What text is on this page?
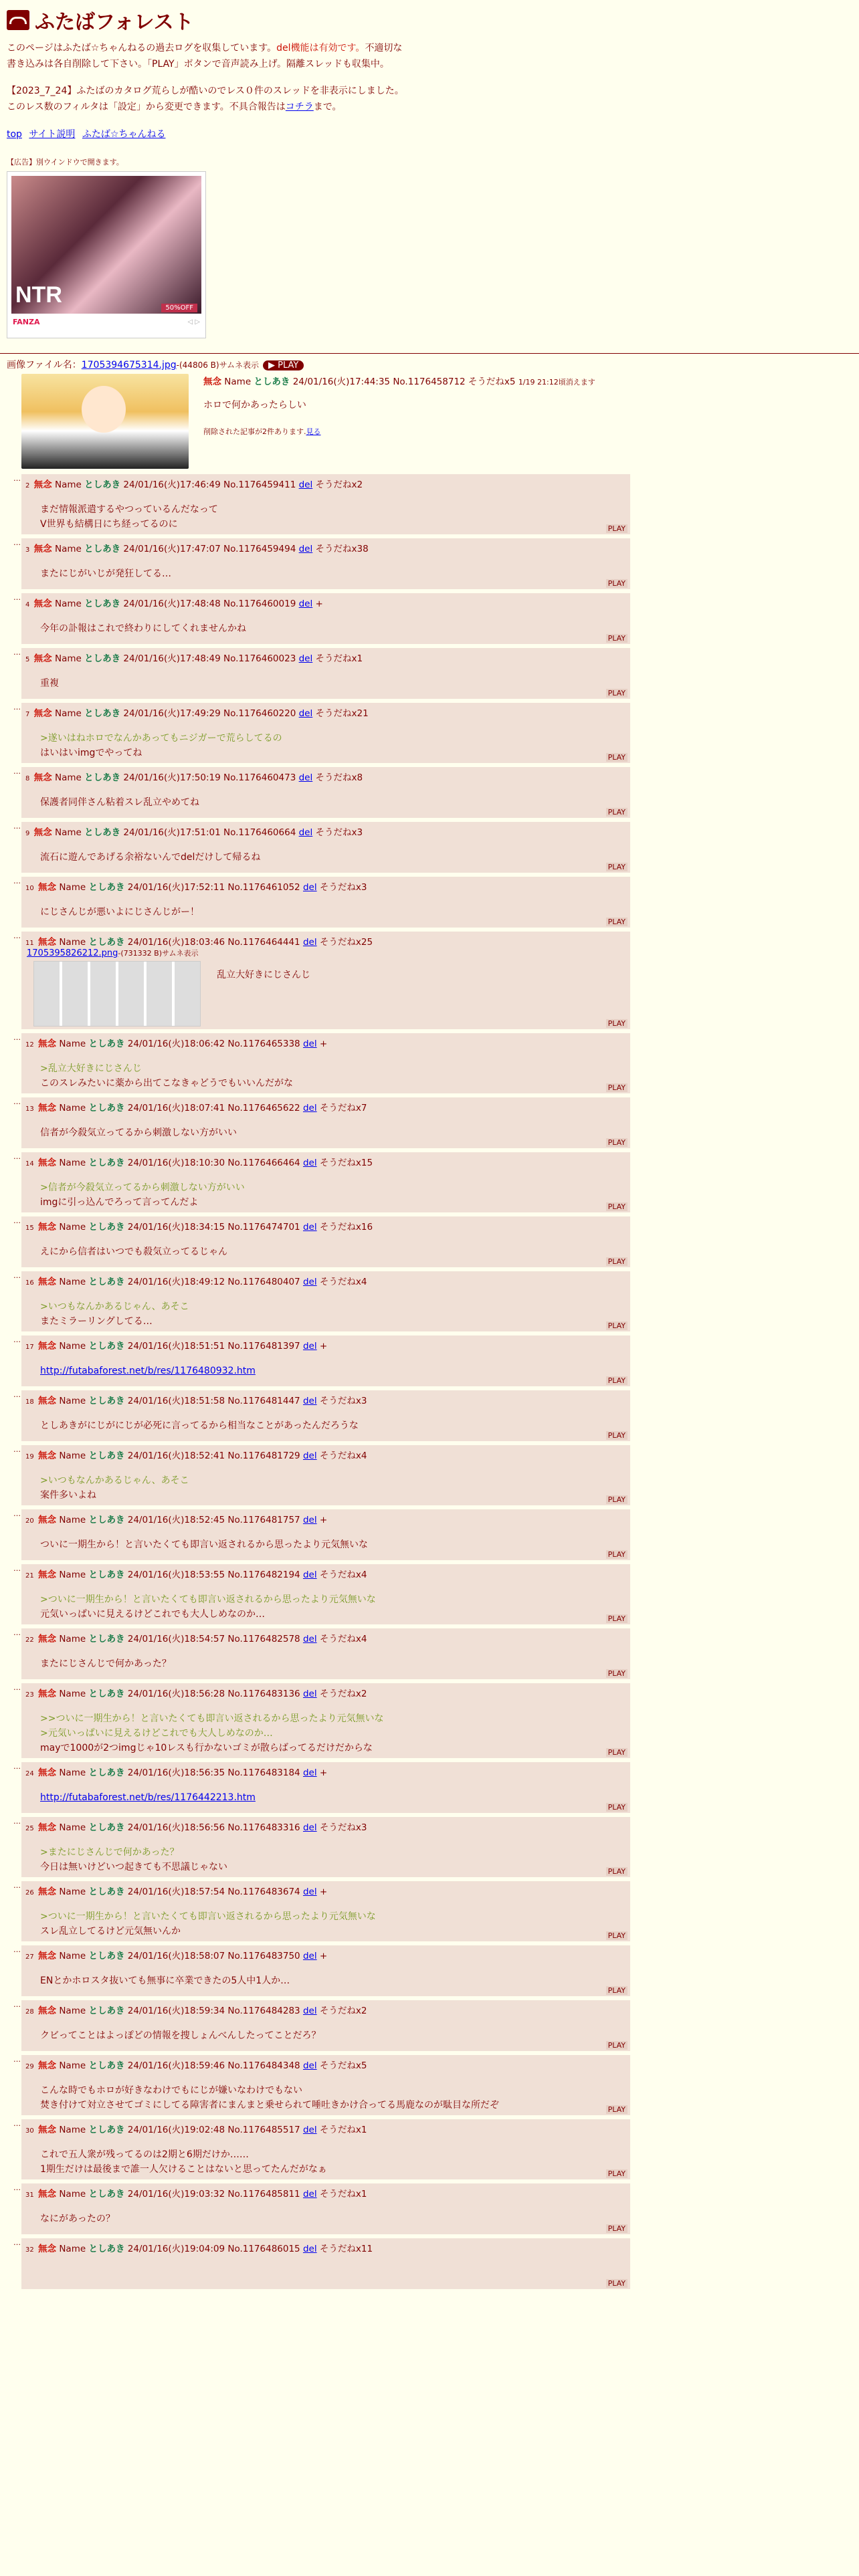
ふたばフォレスト
このページはふたば☆ちゃんねるの過去ログを収集しています。del機能は有効です。不適切な書き込みは各自削除して下さい。「PLAY」ボタンで音声読み上げ。隔離スレッドも収集中。
【2023_7_24】ふたばのカタログ荒らしが酷いのでレス０件のスレッドを非表示にしました。このレス数のフィルタは「設定」から変更できます。不具合報告はコチラまで。
top サイト説明 ふたば☆ちゃんねる
【広告】別ウインドウで開きます。
NTR
50%OFF
FANZA	◁ ▷
画像ファイル名：1705394675314.jpg-(44806 B)サムネ表示 ▶ PLAY
無念 Name としあき 24/01/16(火)17:44:35 No.1176458712 そうだねx5 1/19 21:12頃消えます
ホロで何かあったらしい
削除された記事が2件あります.見る
…
2 無念 Name としあき 24/01/16(火)17:46:49 No.1176459411 del そうだねx2
まだ情報派遣するやつっているんだなって
V世界も結構日にち経ってるのに	PLAY
…
3 無念 Name としあき 24/01/16(火)17:47:07 No.1176459494 del そうだねx38
またにじがいじが発狂してる…
PLAY
…
4 無念 Name としあき 24/01/16(火)17:48:48 No.1176460019 del +
今年の訃報はこれで終わりにしてくれませんかね
PLAY
…
5 無念 Name としあき 24/01/16(火)17:48:49 No.1176460023 del そうだねx1
重複
PLAY
…
7 無念 Name としあき 24/01/16(火)17:49:29 No.1176460220 del そうだねx21
>遂いはねホロでなんかあってもニジガーで荒らしてるの
はいはいimgでやってね	PLAY
…
8 無念 Name としあき 24/01/16(火)17:50:19 No.1176460473 del そうだねx8
保護者同伴さん粘着スレ乱立やめてね
PLAY
…
9 無念 Name としあき 24/01/16(火)17:51:01 No.1176460664 del そうだねx3
流石に遊んであげる余裕ないんでdelだけして帰るね
PLAY
…
10 無念 Name としあき 24/01/16(火)17:52:11 No.1176461052 del そうだねx3
にじさんじが悪いよにじさんじがー！
PLAY
…
11 無念 Name としあき 24/01/16(火)18:03:46 No.1176464441 del そうだねx25
1705395826212.png-(731332 B)サムネ表示
乱立大好きにじさんじ
PLAY
…
12 無念 Name としあき 24/01/16(火)18:06:42 No.1176465338 del +
>乱立大好きにじさんじ
このスレみたいに薬から出てこなきゃどうでもいいんだがな	PLAY
…
13 無念 Name としあき 24/01/16(火)18:07:41 No.1176465622 del そうだねx7
信者が今殺気立ってるから刺激しない方がいい
PLAY
…
14 無念 Name としあき 24/01/16(火)18:10:30 No.1176466464 del そうだねx15
>信者が今殺気立ってるから刺激しない方がいい
imgに引っ込んでろって言ってんだよ	PLAY
…
15 無念 Name としあき 24/01/16(火)18:34:15 No.1176474701 del そうだねx16
えにから信者はいつでも殺気立ってるじゃん
PLAY
…
16 無念 Name としあき 24/01/16(火)18:49:12 No.1176480407 del そうだねx4
>いつもなんかあるじゃん、あそこ
またミラーリングしてる…	PLAY
…
17 無念 Name としあき 24/01/16(火)18:51:51 No.1176481397 del +
http://futabaforest.net/b/res/1176480932.htm
PLAY
…
18 無念 Name としあき 24/01/16(火)18:51:58 No.1176481447 del そうだねx3
としあきがにじがにじが必死に言ってるから相当なことがあったんだろうな
PLAY
…
19 無念 Name としあき 24/01/16(火)18:52:41 No.1176481729 del そうだねx4
>いつもなんかあるじゃん、あそこ
案件多いよね	PLAY
…
20 無念 Name としあき 24/01/16(火)18:52:45 No.1176481757 del +
ついに一期生から！と言いたくても即言い返されるから思ったより元気無いな
PLAY
…
21 無念 Name としあき 24/01/16(火)18:53:55 No.1176482194 del そうだねx4
>ついに一期生から！と言いたくても即言い返されるから思ったより元気無いな
元気いっぱいに見えるけどこれでも大人しめなのか…	PLAY
…
22 無念 Name としあき 24/01/16(火)18:54:57 No.1176482578 del そうだねx4
またにじさんじで何かあった？
PLAY
…
23 無念 Name としあき 24/01/16(火)18:56:28 No.1176483136 del そうだねx2
>>ついに一期生から！と言いたくても即言い返されるから思ったより元気無いな
>元気いっぱいに見えるけどこれでも大人しめなのか…
mayで1000が2つimgじゃ10レスも行かないゴミが散らばってるだけだからな	PLAY
…
24 無念 Name としあき 24/01/16(火)18:56:35 No.1176483184 del +
http://futabaforest.net/b/res/1176442213.htm
PLAY
…
25 無念 Name としあき 24/01/16(火)18:56:56 No.1176483316 del そうだねx3
>またにじさんじで何かあった？
今日は無いけどいつ起きても不思議じゃない	PLAY
…
26 無念 Name としあき 24/01/16(火)18:57:54 No.1176483674 del +
>ついに一期生から！と言いたくても即言い返されるから思ったより元気無いな
スレ乱立してるけど元気無いんか	PLAY
…
27 無念 Name としあき 24/01/16(火)18:58:07 No.1176483750 del +
ENとかホロスタ抜いても無事に卒業できたの5人中1人か…
PLAY
…
28 無念 Name としあき 24/01/16(火)18:59:34 No.1176484283 del そうだねx2
クビってことはよっぽどの情報を捜しょんべんしたってことだろ？
PLAY
…
29 無念 Name としあき 24/01/16(火)18:59:46 No.1176484348 del そうだねx5
こんな時でもホロが好きなわけでもにじが嫌いなわけでもない
焚き付けて対立させてゴミにしてる障害者にまんまと乗せられて唾吐きかけ合ってる馬鹿なのが駄目な所だぞ	PLAY
…
30 無念 Name としあき 24/01/16(火)19:02:48 No.1176485517 del そうだねx1
これで五人衆が残ってるのは2期と6期だけか……
1期生だけは最後まで誰一人欠けることはないと思ってたんだがなぁ	PLAY
…
31 無念 Name としあき 24/01/16(火)19:03:32 No.1176485811 del そうだねx1
なにがあったの？
PLAY
…
32 無念 Name としあき 24/01/16(火)19:04:09 No.1176486015 del そうだねx11
PLAY
